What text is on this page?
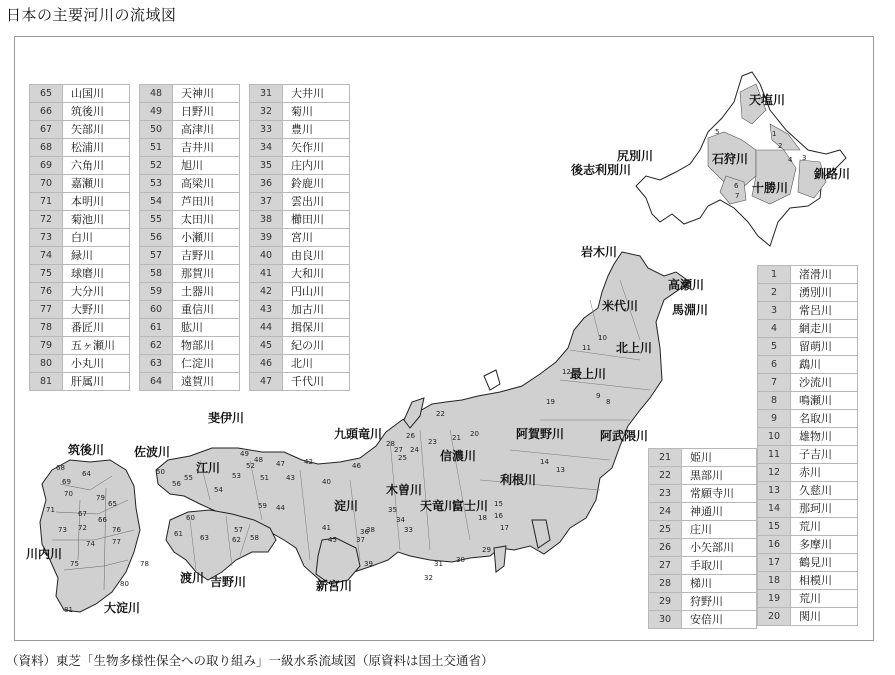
日本の主要河川の流域図
天塩川
石狩川
十勝川
釧路川
尻別川
後志利別川
岩木川
高瀬川
米代川	馬淵川
北上川
最上川
阿賀野川	阿武隈川
信濃川
利根川
木曽川
天竜川
富士川
九頭竜川
淀川
新宮川
斐伊川
江川
佐波川
筑後川
川内川
大淀川
渡川 吉野川
5
2
4 3
1
6
7
8
9
10
11
12
13
14
15
16
17
18
19
20
21
22
23
24
25
26
27
28
29
30
31
32
33
34
35
36
37
38
39
40
41
42
43
44
45
46
47
48
49
50
51
52
53
54
55
56
57
58
59
60
61
62
63
64
65
66
67
68
69
70
71
72
73
74
75
76
77
78
79
80
81
65	山国川
66	筑後川
67	矢部川
68	松浦川
69	六角川
70	嘉瀬川
71	本明川
72	菊池川
73	白川
74	緑川
75	球磨川
76	大分川
77	大野川
78	番匠川
79	五ヶ瀬川
80	小丸川
81	肝属川
48	天神川
49	日野川
50	高津川
51	吉井川
52	旭川
53	高梁川
54	芦田川
55	太田川
56	小瀬川
57	吉野川
58	那賀川
59	土器川
60	重信川
61	肱川
62	物部川
63	仁淀川
64	遠賀川
31	大井川
32	菊川
33	豊川
34	矢作川
35	庄内川
36	鈴鹿川
37	雲出川
38	櫛田川
39	宮川
40	由良川
41	大和川
42	円山川
43	加古川
44	揖保川
45	紀の川
46	北川
47	千代川
21	姫川
22	黒部川
23	常願寺川
24	神通川
25	庄川
26	小矢部川
27	手取川
28	梯川
29	狩野川
30	安倍川
1	渚滑川
2	湧別川
3	常呂川
4	網走川
5	留萌川
6	鵡川
7	沙流川
8	鳴瀬川
9	名取川
10	雄物川
11	子吉川
12	赤川
13	久慈川
14	那珂川
15	荒川
16	多摩川
17	鶴見川
18	相模川
19	荒川
20	関川
（資料）東芝「生物多様性保全への取り組み」一級水系流域図（原資料は国土交通省）
